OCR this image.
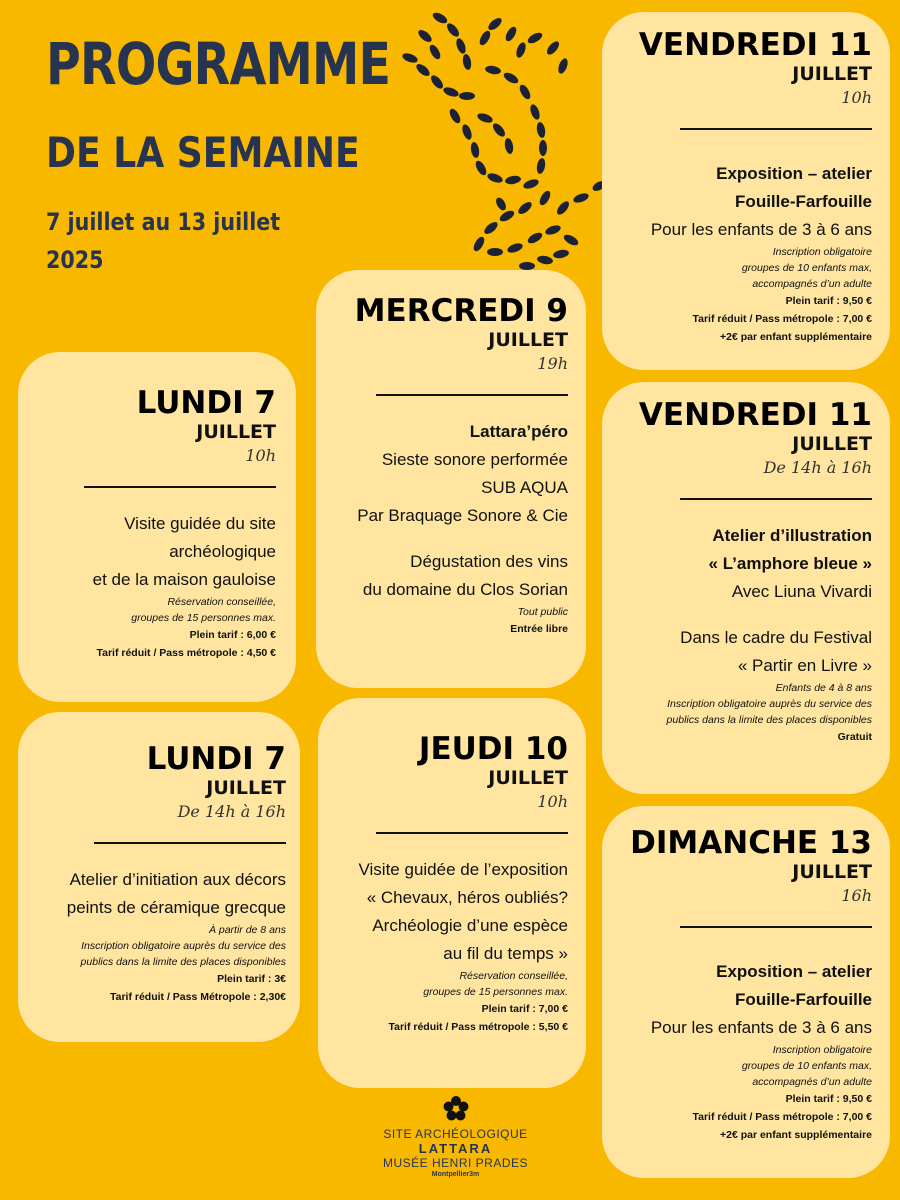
PROGRAMME
DE LA SEMAINE
7 juillet au 13 juillet
2025
LUNDI 7
JUILLET
10h
Visite guidée du site
archéologique
et de la maison gauloise
Réservation conseillée,
groupes de 15 personnes max.
Plein tarif : 6,00 €
Tarif réduit / Pass métropole : 4,50 €
LUNDI 7
JUILLET
De 14h à 16h
Atelier d’initiation aux décors
peints de céramique grecque
À partir de 8 ans
Inscription obligatoire auprès du service des
publics dans la limite des places disponibles
Plein tarif : 3€
Tarif réduit / Pass Métropole : 2,30€
MERCREDI 9
JUILLET
19h
Lattara’péro
Sieste sonore performée
SUB AQUA
Par Braquage Sonore & Cie
Dégustation des vins
du domaine du Clos Sorian
Tout public
Entrée libre
JEUDI 10
JUILLET
10h
Visite guidée de l’exposition
« Chevaux, héros oubliés?
Archéologie d’une espèce
au fil du temps »
Réservation conseillée,
groupes de 15 personnes max.
Plein tarif : 7,00 €
Tarif réduit / Pass métropole : 5,50 €
VENDREDI 11
JUILLET
10h
Exposition – atelier
Fouille-Farfouille
Pour les enfants de 3 à 6 ans
Inscription obligatoire
groupes de 10 enfants max,
accompagnés d’un adulte
Plein tarif : 9,50 €
Tarif réduit / Pass métropole : 7,00 €
+2€ par enfant supplémentaire
VENDREDI 11
JUILLET
De 14h à 16h
Atelier d’illustration
« L’amphore bleue »
Avec Liuna Vivardi
Dans le cadre du Festival
« Partir en Livre »
Enfants de 4 à 8 ans
Inscription obligatoire auprès du service des
publics dans la limite des places disponibles
Gratuit
DIMANCHE 13
JUILLET
16h
Exposition – atelier
Fouille-Farfouille
Pour les enfants de 3 à 6 ans
Inscription obligatoire
groupes de 10 enfants max,
accompagnés d’un adulte
Plein tarif : 9,50 €
Tarif réduit / Pass métropole : 7,00 €
+2€ par enfant supplémentaire
SITE ARCHÉOLOGIQUE
LATTARA
MUSÉE HENRI PRADES
Montpellier3m
